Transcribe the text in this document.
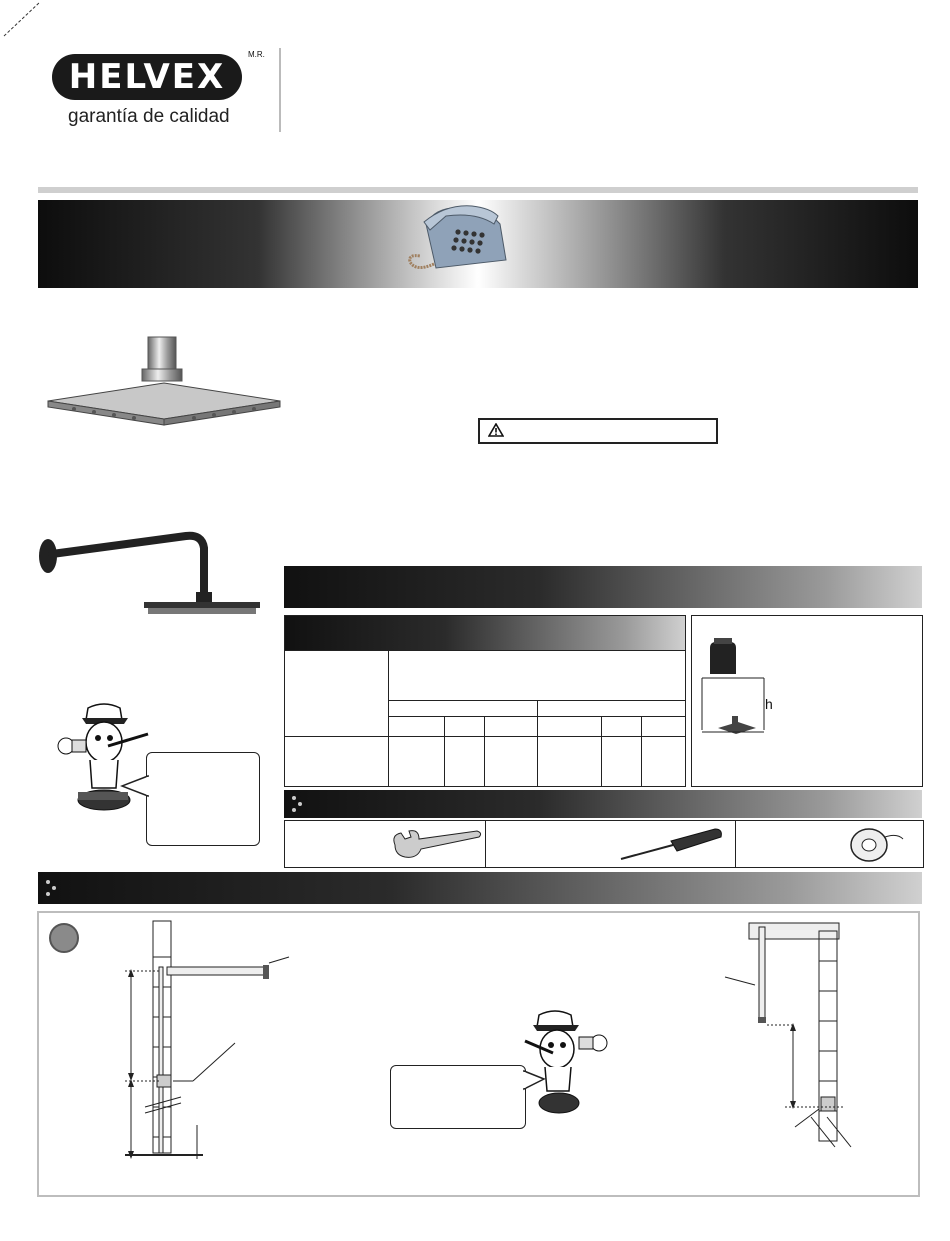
HELVEX
M.R.
garantía de calidad
h
